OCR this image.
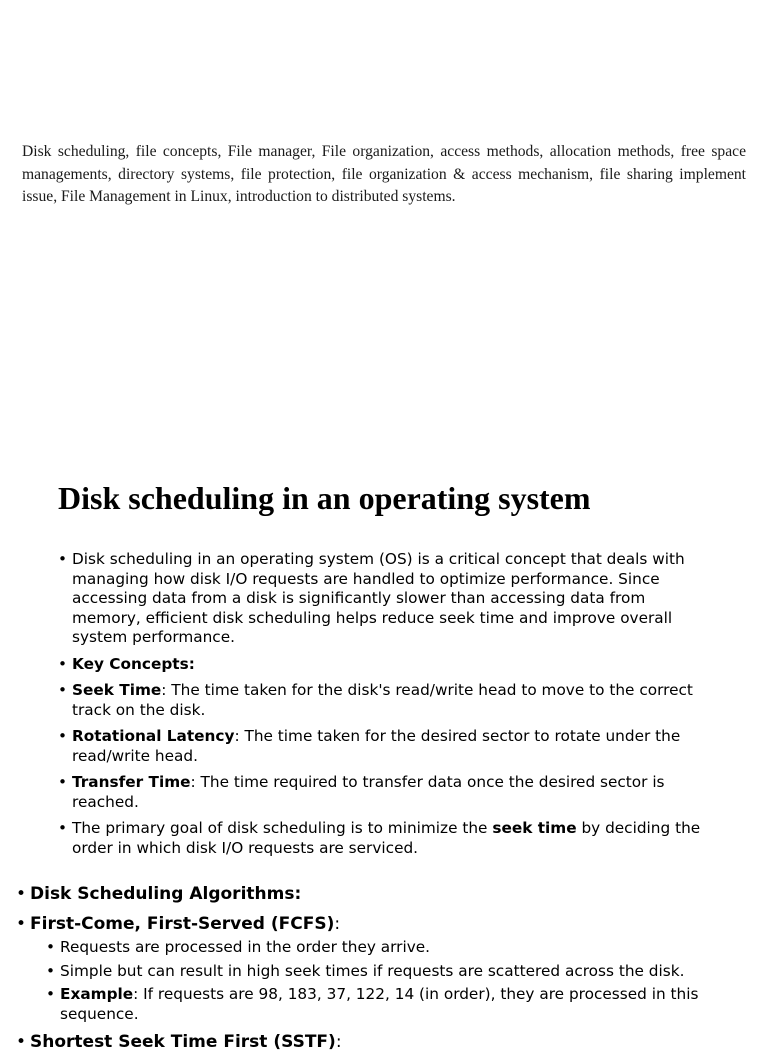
Disk scheduling, file concepts, File manager, File organization, access methods, allocation methods, free space managements, directory systems, file protection, file organization & access mechanism, file sharing implement issue, File Management in Linux, introduction to distributed systems.

Disk scheduling in an operating system
• Disk scheduling in an operating system (OS) is a critical concept that deals with managing how disk I/O requests are handled to optimize performance. Since accessing data from a disk is significantly slower than accessing data from memory, efficient disk scheduling helps reduce seek time and improve overall system performance.
• Key Concepts:
• Seek Time: The time taken for the disk's read/write head to move to the correct track on the disk.
• Rotational Latency: The time taken for the desired sector to rotate under the read/write head.
• Transfer Time: The time required to transfer data once the desired sector is reached.
• The primary goal of disk scheduling is to minimize the seek time by deciding the order in which disk I/O requests are serviced.
• Disk Scheduling Algorithms:
• First-Come, First-Served (FCFS):
• Requests are processed in the order they arrive.
• Simple but can result in high seek times if requests are scattered across the disk.
• Example: If requests are 98, 183, 37, 122, 14 (in order), they are processed in this sequence.
• Shortest Seek Time First (SSTF):
